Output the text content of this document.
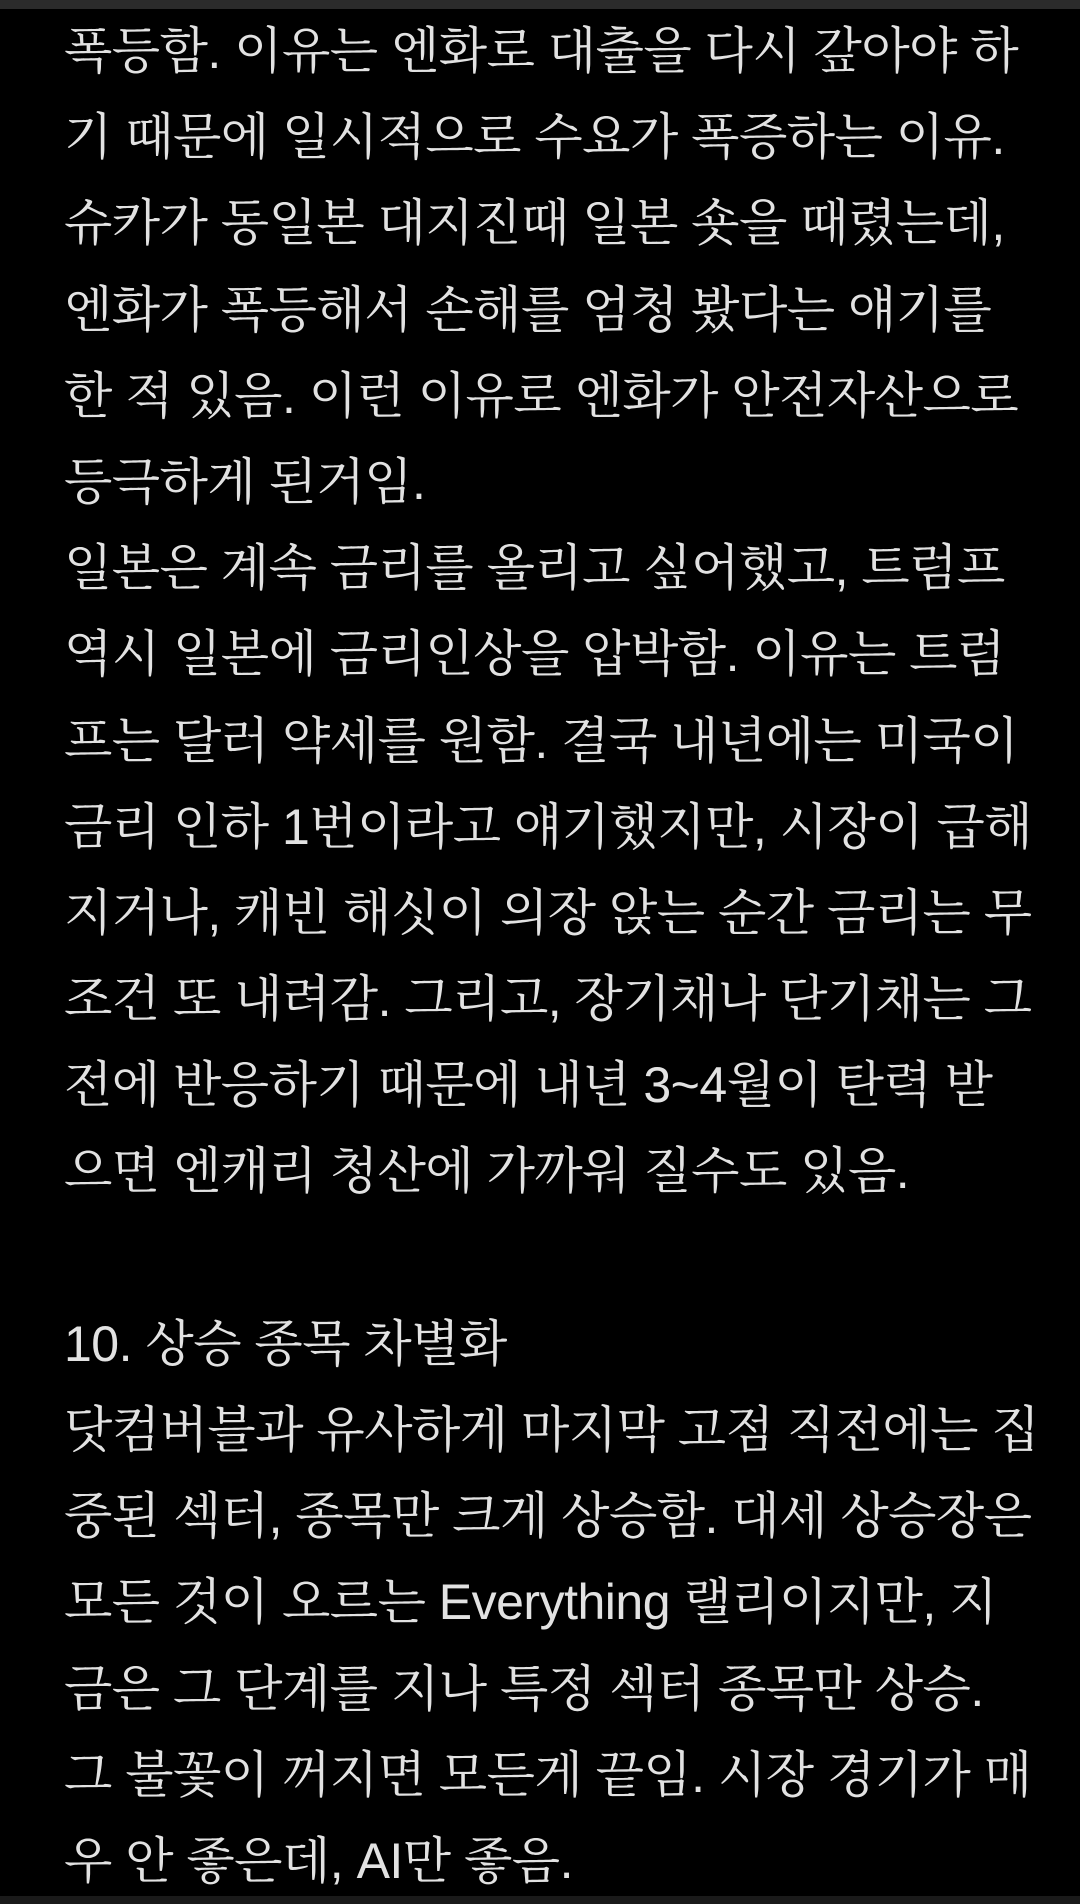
폭등함. 이유는 엔화로 대출을 다시 갚아야 하
기 때문에 일시적으로 수요가 폭증하는 이유.
슈카가 동일본 대지진때 일본 숏을 때렸는데,
엔화가 폭등해서 손해를 엄청 봤다는 얘기를
한 적 있음. 이런 이유로 엔화가 안전자산으로
등극하게 된거임.
일본은 계속 금리를 올리고 싶어했고, 트럼프
역시 일본에 금리인상을 압박함. 이유는 트럼
프는 달러 약세를 원함. 결국 내년에는 미국이
금리 인하 1번이라고 얘기했지만, 시장이 급해
지거나, 캐빈 해싯이 의장 앉는 순간 금리는 무
조건 또 내려감. 그리고, 장기채나 단기채는 그
전에 반응하기 때문에 내년 3~4월이 탄력 받
으면 엔캐리 청산에 가까워 질수도 있음.
10. 상승 종목 차별화
닷컴버블과 유사하게 마지막 고점 직전에는 집
중된 섹터, 종목만 크게 상승함. 대세 상승장은
모든 것이 오르는 Everything 랠리이지만, 지
금은 그 단계를 지나 특정 섹터 종목만 상승.
그 불꽃이 꺼지면 모든게 끝임. 시장 경기가 매
우 안 좋은데, AI만 좋음.
